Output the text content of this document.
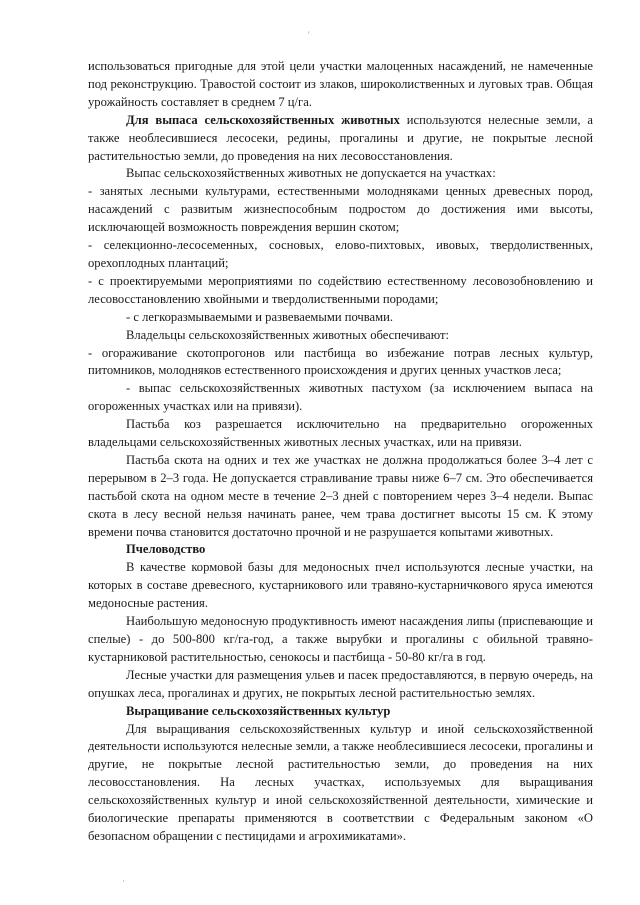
'

использоваться пригодные для этой цели участки малоценных насаждений, не намеченные под реконструкцию. Травостой состоит из злаков, широколиственных и луговых трав. Общая урожайность составляет в среднем 7 ц/га.

Для выпаса сельскохозяйственных животных используются нелесные земли, а также необлесившиеся лесосеки, редины, прогалины и другие, не покрытые лесной растительностью земли, до проведения на них лесовосстановления.

Выпас сельскохозяйственных животных не допускается на участках:

- занятых лесными культурами, естественными молодняками ценных древесных пород, насаждений с развитым жизнеспособным подростом до достижения ими высоты, исключающей возможность повреждения вершин скотом;

- селекционно-лесосеменных, сосновых, елово-пихтовых, ивовых, твердолиственных, орехоплодных плантаций;

- с проектируемыми мероприятиями по содействию естественному лесовозобновлению и лесовосстановлению хвойными и твердолиственными породами;

- с легкоразмываемыми и развеваемыми почвами.

Владельцы сельскохозяйственных животных обеспечивают:

- огораживание скотопрогонов или пастбища во избежание потрав лесных культур, питомников, молодняков естественного происхождения и других ценных участков леса;

- выпас сельскохозяйственных животных пастухом (за исключением выпаса на огороженных участках или на привязи).

Пастьба коз разрешается исключительно на предварительно огороженных владельцами сельскохозяйственных животных лесных участках, или на привязи.

Пастьба скота на одних и тех же участках не должна продолжаться более 3–4 лет с перерывом в 2–3 года. Не допускается стравливание травы ниже 6–7 см. Это обеспечивается пастьбой скота на одном месте в течение 2–3 дней с повторением через 3–4 недели. Выпас скота в лесу весной нельзя начинать ранее, чем трава достигнет высоты 15 см. К этому времени почва становится достаточно прочной и не разрушается копытами животных.

Пчеловодство

В качестве кормовой базы для медоносных пчел используются лесные участки, на которых в составе древесного, кустарникового или травяно-кустарничкового яруса имеются медоносные растения.

Наибольшую медоносную продуктивность имеют насаждения липы (приспевающие и спелые) - до 500-800 кг/га-год, а также вырубки и прогалины с обильной травяно-кустарниковой растительностью, сенокосы и пастбища - 50-80 кг/га в год.

Лесные участки для размещения ульев и пасек предоставляются, в первую очередь, на опушках леса, прогалинах и других, не покрытых лесной растительностью землях.

Выращивание сельскохозяйственных культур

Для выращивания сельскохозяйственных культур и иной сельскохозяйственной деятельности используются нелесные земли, а также необлесившиеся лесосеки, прогалины и другие, не покрытые лесной растительностью земли, до проведения на них лесовосстановления. На лесных участках, используемых для выращивания сельскохозяйственных культур и иной сельскохозяйственной деятельности, химические и биологические препараты применяются в соответствии с Федеральным законом «О безопасном обращении с пестицидами и агрохимикатами».

·
